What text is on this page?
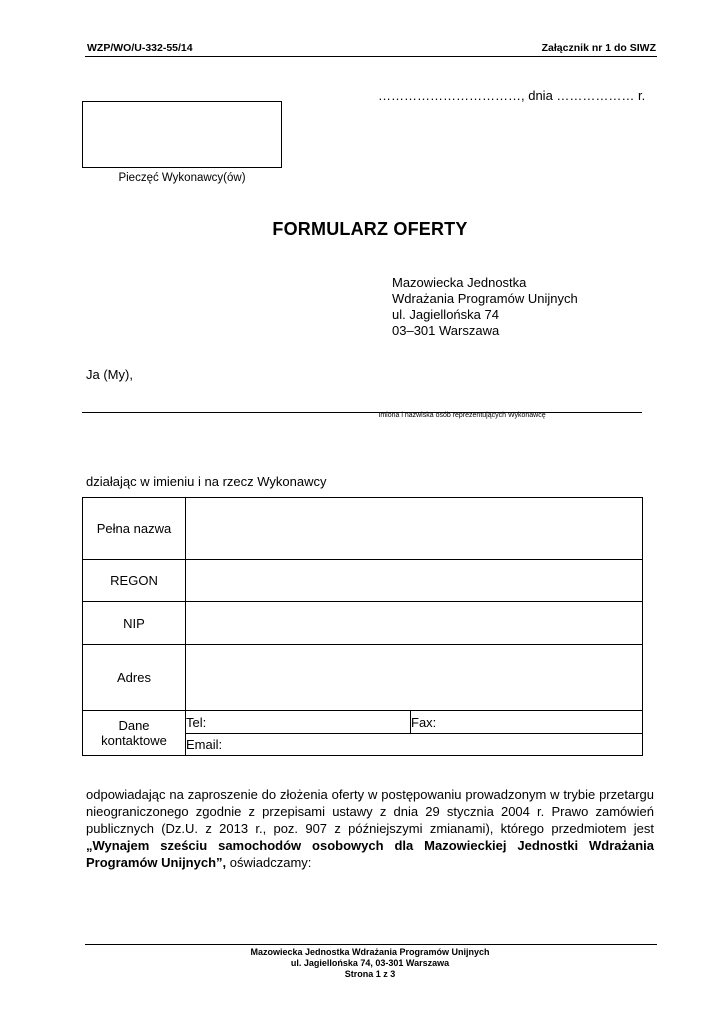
WZP/WO/U-332-55/14	Załącznik nr 1 do SIWZ
……………………………, dnia ……………… r.
Pieczęć Wykonawcy(ów)
FORMULARZ OFERTY
Mazowiecka Jednostka
Wdrażania Programów Unijnych
ul. Jagiellońska 74
03–301 Warszawa
Ja (My),
Imiona i nazwiska osób reprezentujących Wykonawcę
działając w imieniu i na rzecz Wykonawcy
Pełna nazwa		
REGON		
NIP		
Adres		

Dane
kontaktowe	Tel:	Fax:
	Email:	
odpowiadając na zaproszenie do złożenia oferty w postępowaniu prowadzonym w trybie przetargu nieograniczonego zgodnie z przepisami ustawy z dnia 29 stycznia 2004 r. Prawo zamówień publicznych (Dz.U. z 2013 r., poz. 907 z późniejszymi zmianami), którego przedmiotem jest „Wynajem sześciu samochodów osobowych dla Mazowieckiej Jednostki Wdrażania Programów Unijnych”, oświadczamy:
Mazowiecka Jednostka Wdrażania Programów Unijnych
ul. Jagiellońska 74, 03-301 Warszawa
Strona 1 z 3
